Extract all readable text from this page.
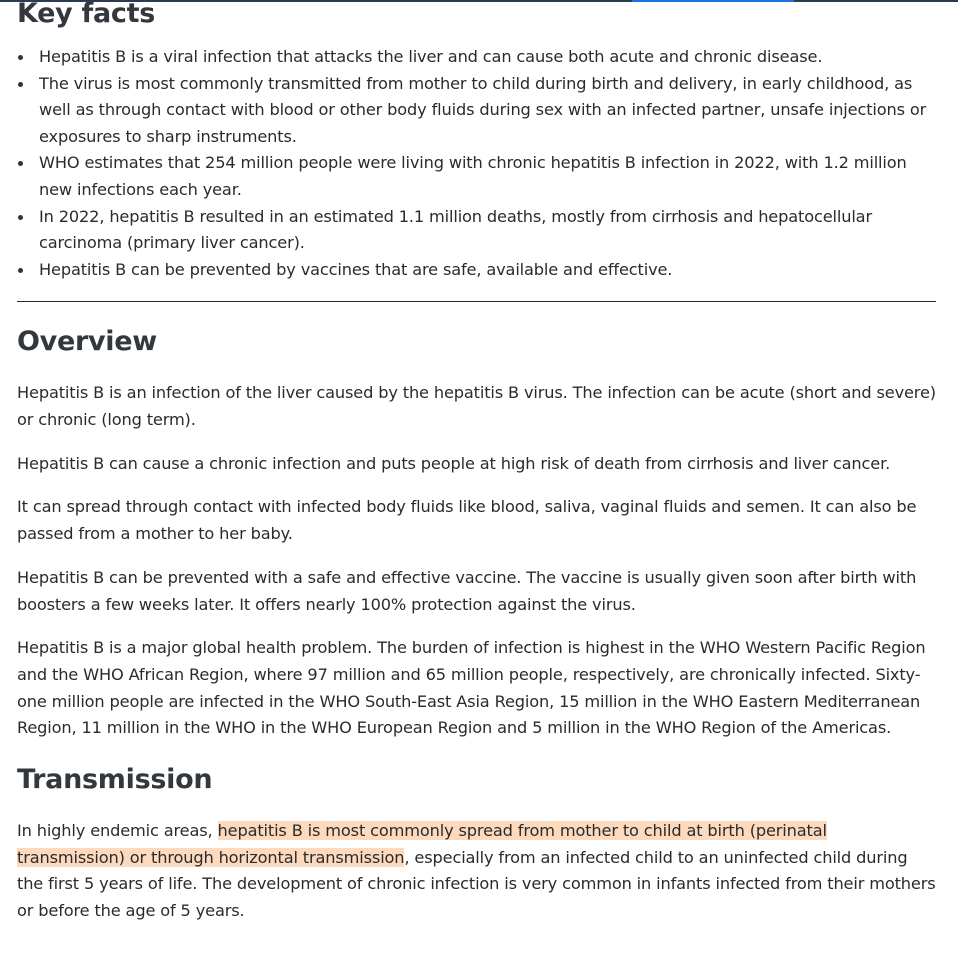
Key facts
Hepatitis B is a viral infection that attacks the liver and can cause both acute and chronic disease.
The virus is most commonly transmitted from mother to child during birth and delivery, in early childhood, as well as through contact with blood or other body fluids during sex with an infected partner, unsafe injections or exposures to sharp instruments.
WHO estimates that 254 million people were living with chronic hepatitis B infection in 2022, with 1.2 million new infections each year.
In 2022, hepatitis B resulted in an estimated 1.1 million deaths, mostly from cirrhosis and hepatocellular carcinoma (primary liver cancer).
Hepatitis B can be prevented by vaccines that are safe, available and effective.
Overview

Hepatitis B is an infection of the liver caused by the hepatitis B virus. The infection can be acute (short and severe) or chronic (long term).

Hepatitis B can cause a chronic infection and puts people at high risk of death from cirrhosis and liver cancer.

It can spread through contact with infected body fluids like blood, saliva, vaginal fluids and semen. It can also be passed from a mother to her baby.

Hepatitis B can be prevented with a safe and effective vaccine. The vaccine is usually given soon after birth with boosters a few weeks later. It offers nearly 100% protection against the virus.

Hepatitis B is a major global health problem. The burden of infection is highest in the WHO Western Pacific Region and the WHO African Region, where 97 million and 65 million people, respectively, are chronically infected. Sixty-one million people are infected in the WHO South-East Asia Region, 15 million in the WHO Eastern Mediterranean Region, 11 million in the WHO in the WHO European Region and 5 million in the WHO Region of the Americas.

Transmission

In highly endemic areas, hepatitis B is most commonly spread from mother to child at birth (perinatal transmission) or through horizontal transmission, especially from an infected child to an uninfected child during the first 5 years of life. The development of chronic infection is very common in infants infected from their mothers or before the age of 5 years.
